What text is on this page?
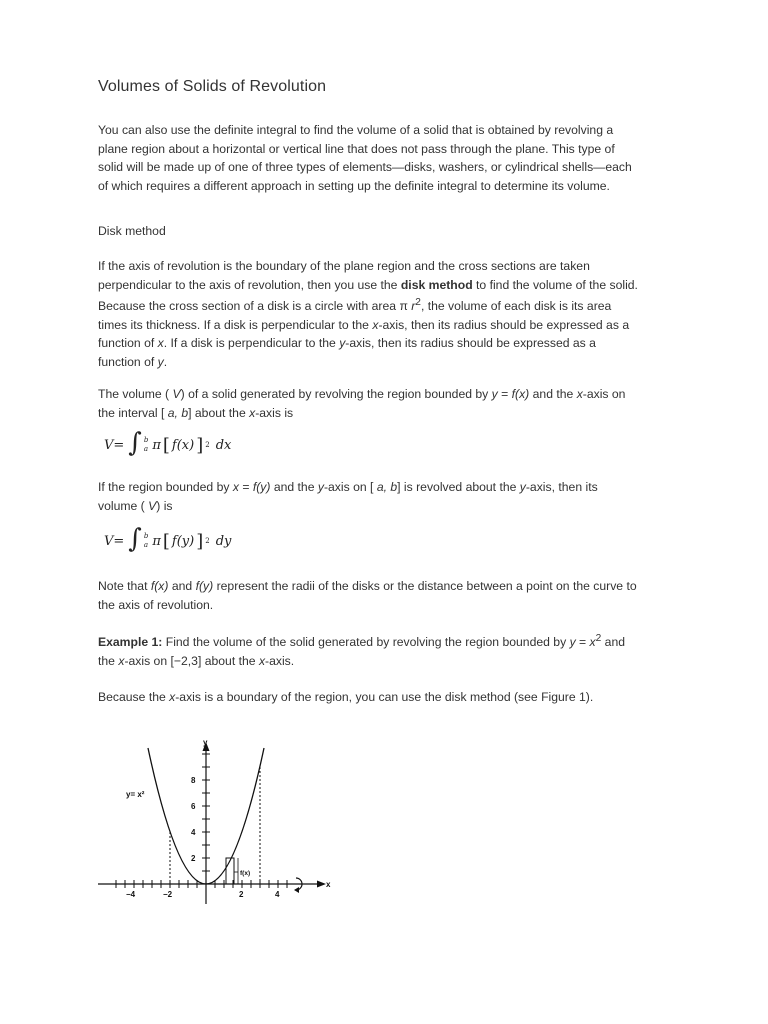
Volumes of Solids of Revolution
You can also use the definite integral to find the volume of a solid that is obtained by revolving a plane region about a horizontal or vertical line that does not pass through the plane. This type of solid will be made up of one of three types of elements—disks, washers, or cylindrical shells—each of which requires a different approach in setting up the definite integral to determine its volume.
Disk method
If the axis of revolution is the boundary of the plane region and the cross sections are taken perpendicular to the axis of revolution, then you use the disk method to find the volume of the solid. Because the cross section of a disk is a circle with area π $r^2$, the volume of each disk is its area times its thickness. If a disk is perpendicular to the x-axis, then its radius should be expressed as a function of x. If a disk is perpendicular to the y-axis, then its radius should be expressed as a function of y.
The volume ( V) of a solid generated by revolving the region bounded by y = f(x) and the x-axis on the interval [ a, b] about the x-axis is
V= ∫ b
a π [ f(x) ] 2 dx
If the region bounded by x = f(y) and the y-axis on [ a, b] is revolved about the y-axis, then its volume ( V) is
V= ∫ b
a π [ f(y) ] 2 dy
Note that f(x) and f(y) represent the radii of the disks or the distance between a point on the curve to the axis of revolution.
Example 1: Find the volume of the solid generated by revolving the region bounded by $y = x^2$ and the x-axis on [−2,3] about the x-axis.
Because the x-axis is a boundary of the region, you can use the disk method (see Figure 1).
y
x
y= x²
f(x)
2
4
6
8
−4	−2	2	4
